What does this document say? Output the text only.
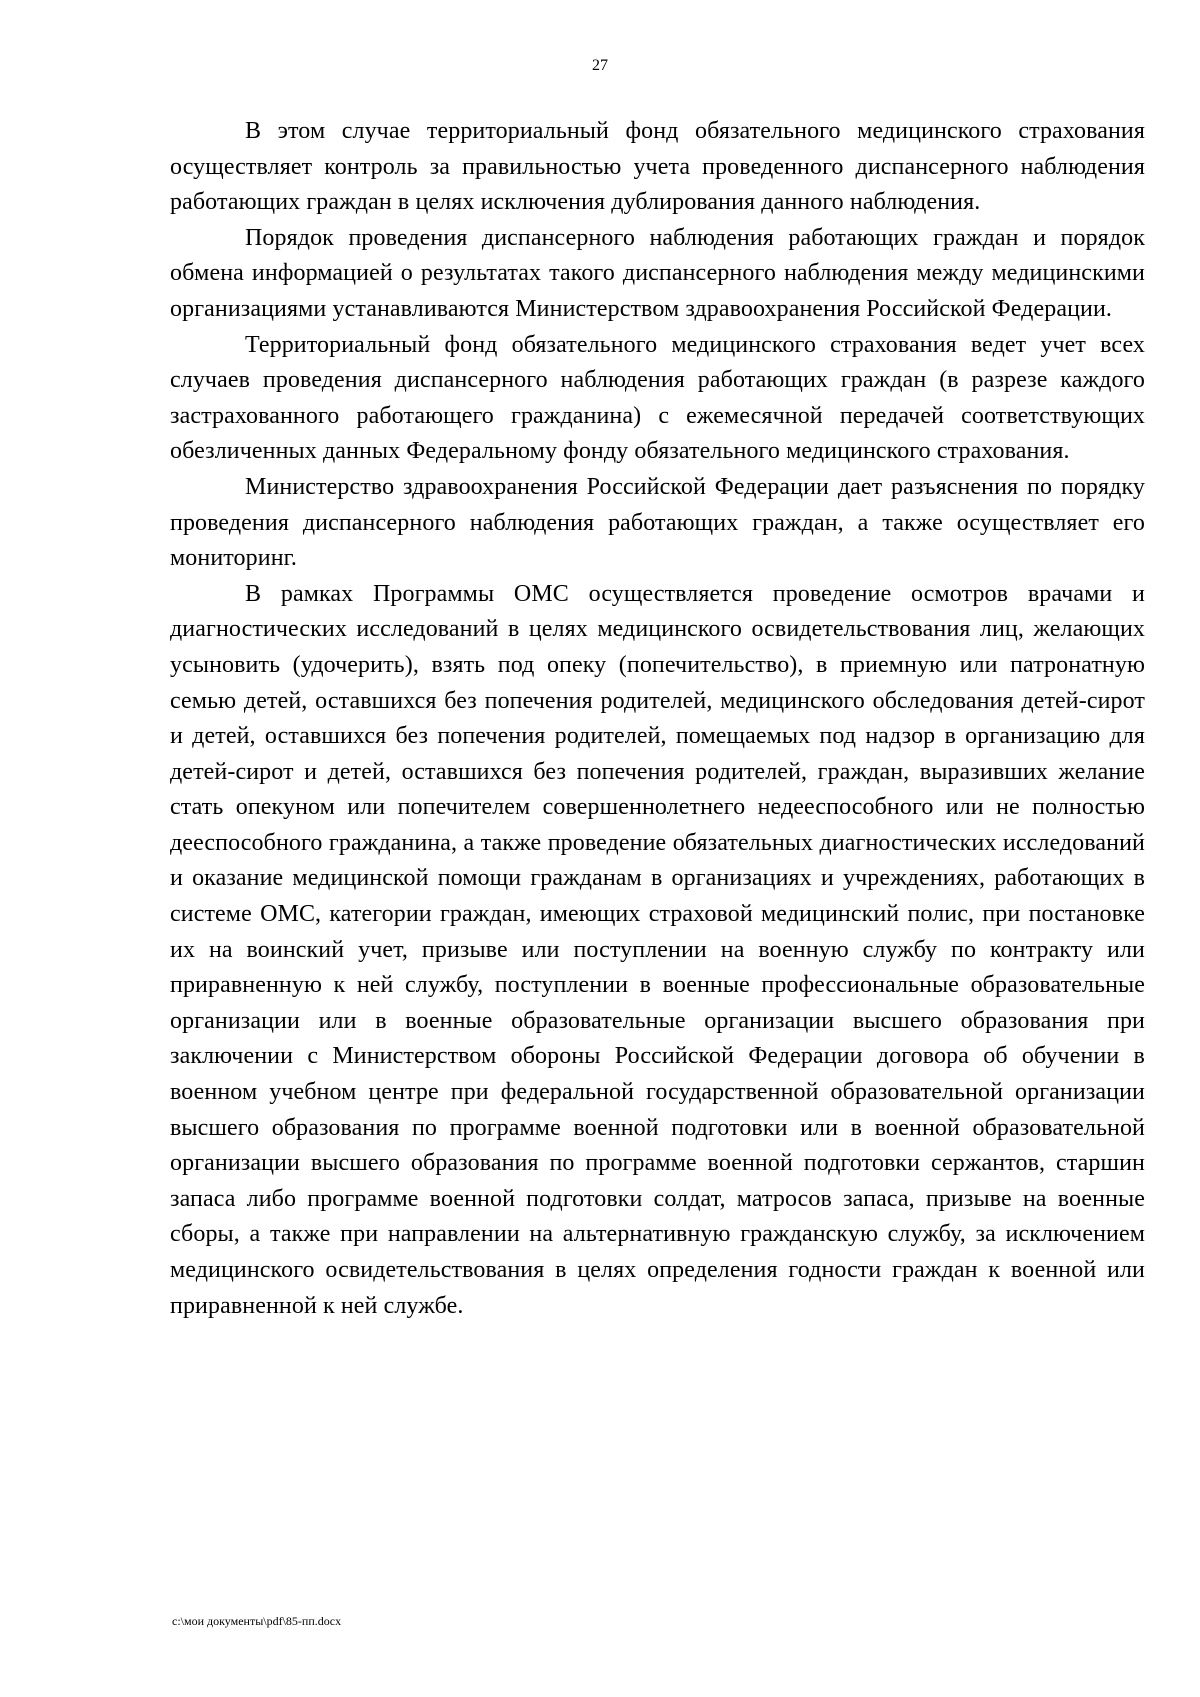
27

В этом случае территориальный фонд обязательного медицинского страхования осуществляет контроль за правильностью учета проведенного диспансерного наблюдения работающих граждан в целях исключения дублирования данного наблюдения.

Порядок проведения диспансерного наблюдения работающих граждан и порядок обмена информацией о результатах такого диспансерного наблюдения между медицинскими организациями устанавливаются Министерством здравоохранения Российской Федерации.

Территориальный фонд обязательного медицинского страхования ведет учет всех случаев проведения диспансерного наблюдения работающих граждан (в разрезе каждого застрахованного работающего гражданина) с ежемесячной передачей соответствующих обезличенных данных Федеральному фонду обязательного медицинского страхования.

Министерство здравоохранения Российской Федерации дает разъяснения по порядку проведения диспансерного наблюдения работающих граждан, а также осуществляет его мониторинг.

В рамках Программы ОМС осуществляется проведение осмотров врачами и диагностических исследований в целях медицинского освидетельствования лиц, желающих усыновить (удочерить), взять под опеку (попечительство), в приемную или патронатную семью детей, оставшихся без попечения родителей, медицинского обследования детей-сирот и детей, оставшихся без попечения родителей, помещаемых под надзор в организацию для детей-сирот и детей, оставшихся без попечения родителей, граждан, выразивших желание стать опекуном или попечителем совершеннолетнего недееспособного или не полностью дееспособного гражданина, а также проведение обязательных диагностических исследований и оказание медицинской помощи гражданам в организациях и учреждениях, работающих в системе ОМС, категории граждан, имеющих страховой медицинский полис, при постановке их на воинский учет, призыве или поступлении на военную службу по контракту или приравненную к ней службу, поступлении в военные профессиональные образовательные организации или в военные образовательные организации высшего образования при заключении с Министерством обороны Российской Федерации договора об обучении в военном учебном центре при федеральной государственной образовательной организации высшего образования по программе военной подготовки или в военной образовательной организации высшего образования по программе военной подготовки сержантов, старшин запаса либо программе военной подготовки солдат, матросов запаса, призыве на военные сборы, а также при направлении на альтернативную гражданскую службу, за исключением медицинского освидетельствования в целях определения годности граждан к военной или приравненной к ней службе.

c:\мои документы\pdf\85-пп.docx
